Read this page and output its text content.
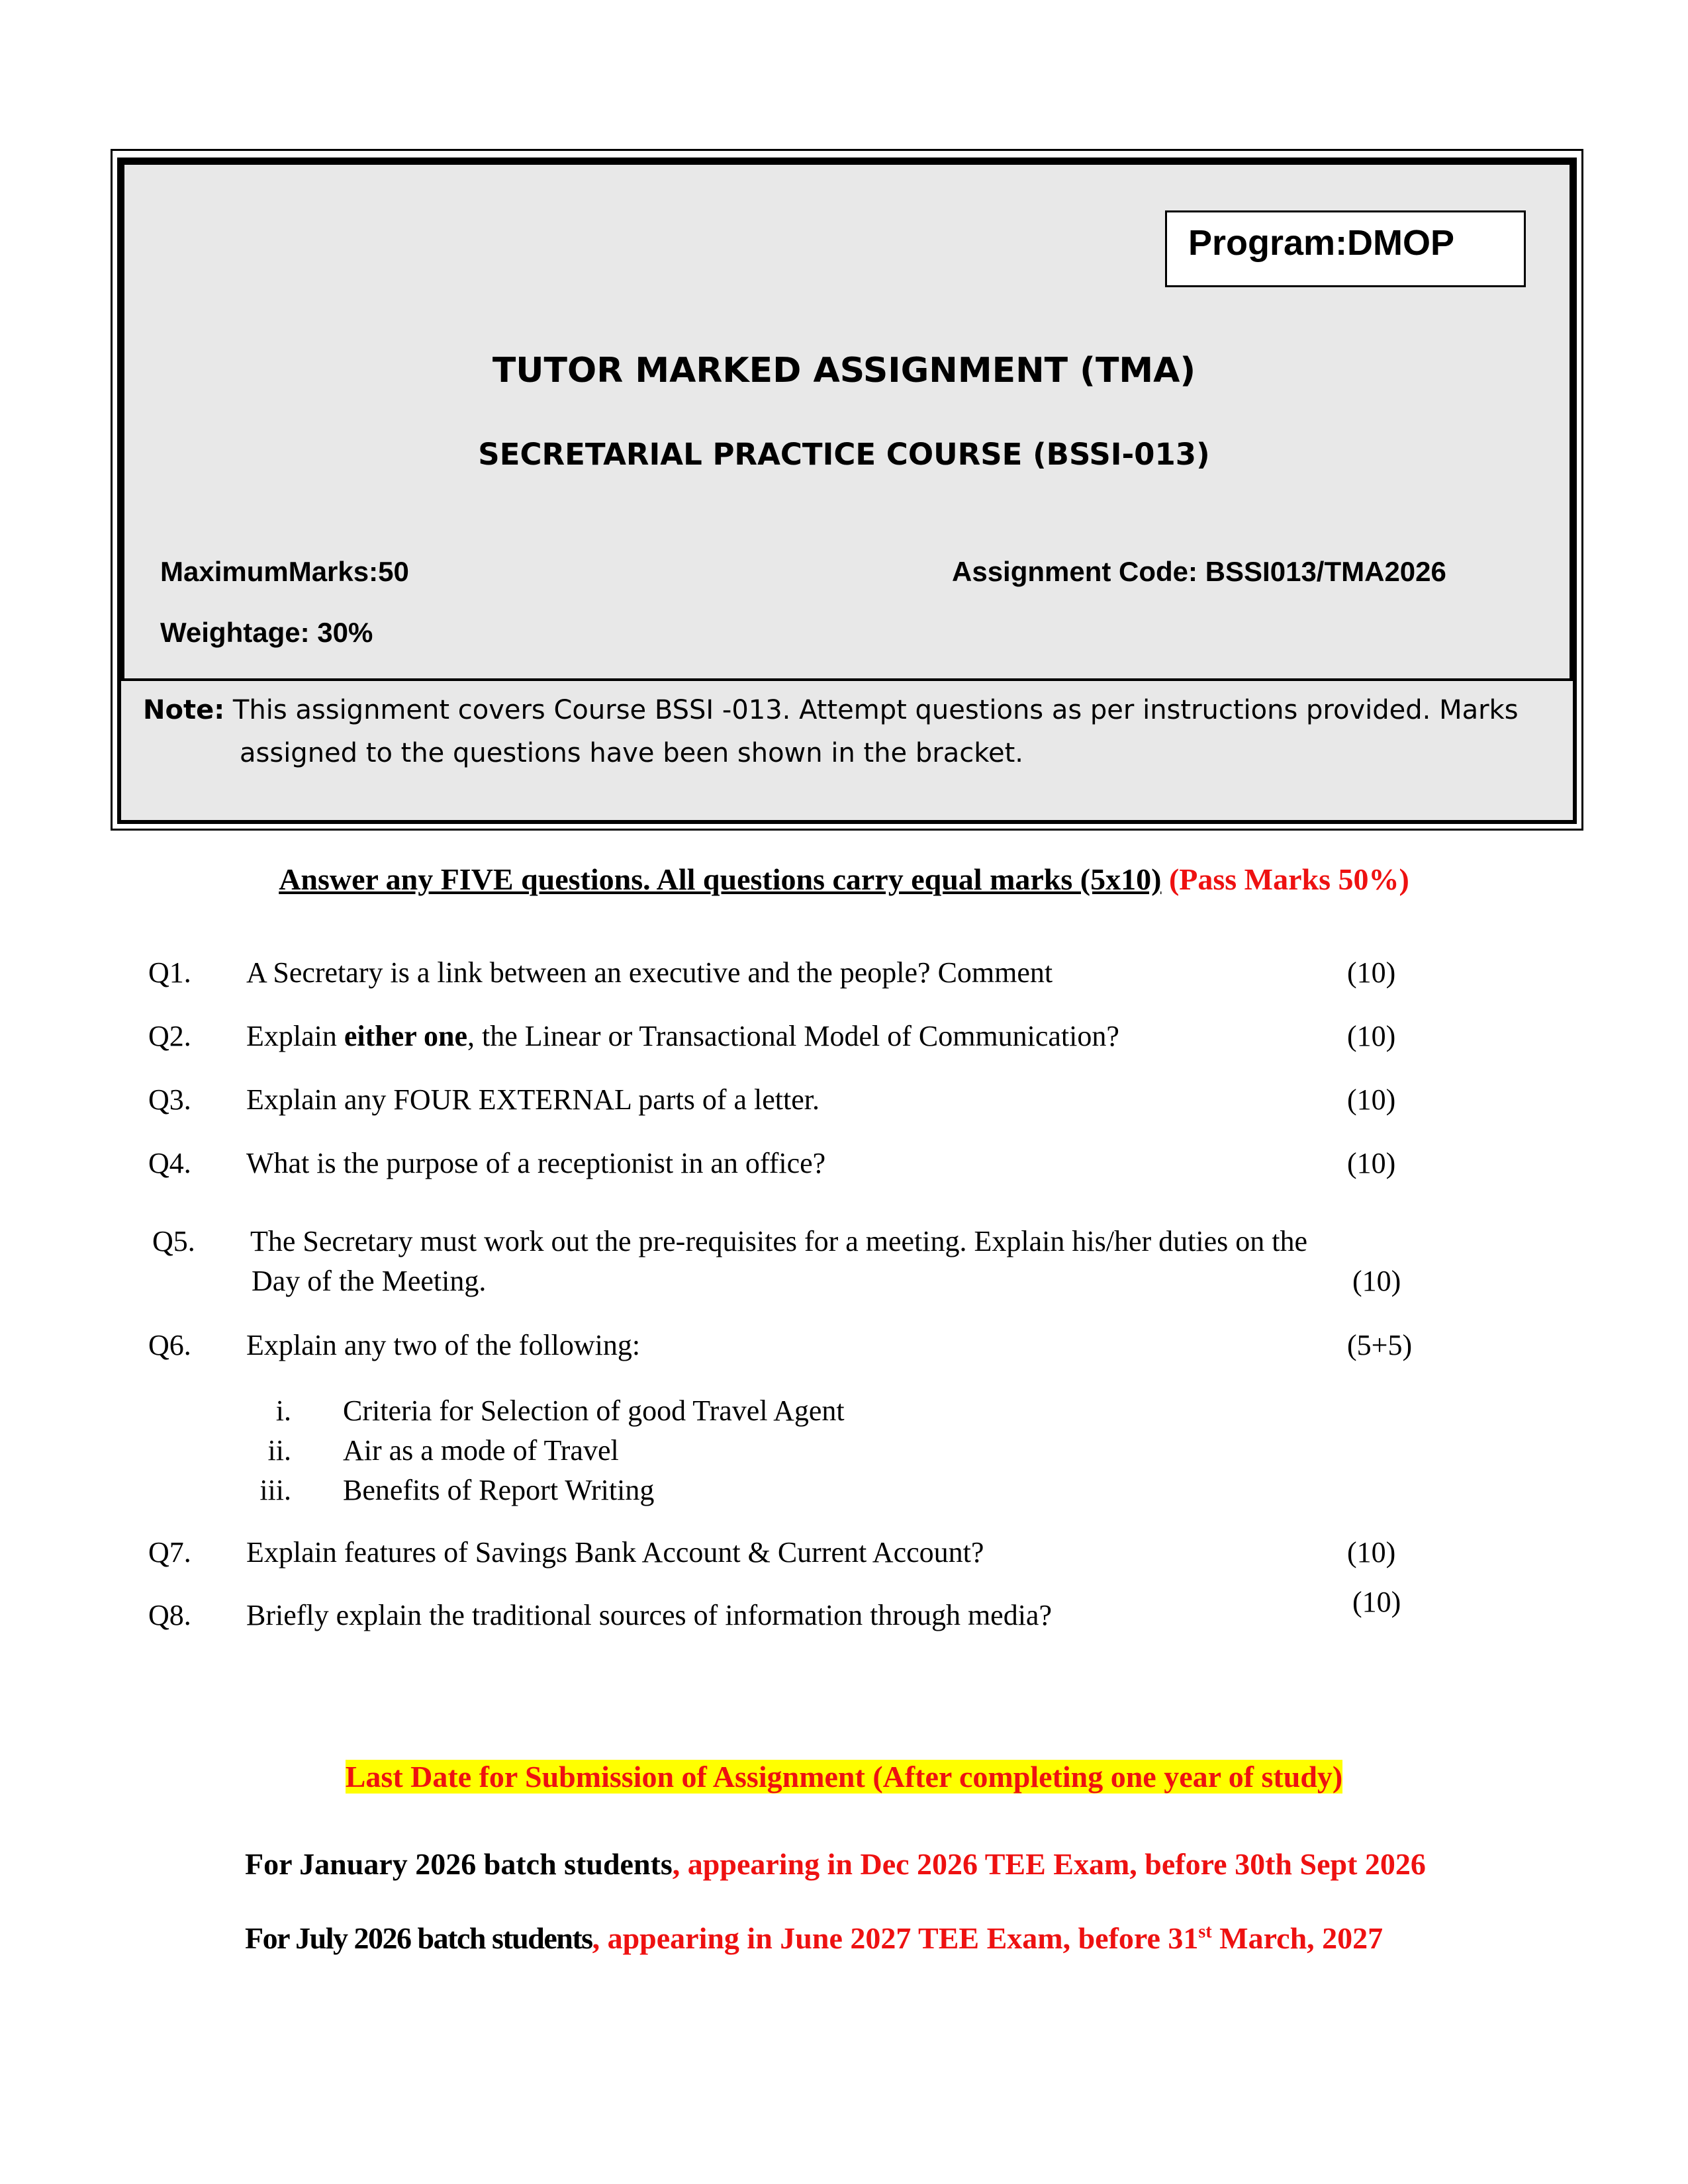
Program:DMOP
TUTOR MARKED ASSIGNMENT (TMA)
SECRETARIAL PRACTICE COURSE (BSSI-013)
MaximumMarks:50	Assignment Code: BSSI013/TMA2026
Weightage: 30%
Note: This assignment covers Course BSSI -013. Attempt questions as per instructions provided. Marks
assigned to the questions have been shown in the bracket.
Answer any FIVE questions. All questions carry equal marks (5x10) (Pass Marks 50%)
Q1. A Secretary is a link between an executive and the people? Comment	(10)
Q2. Explain either one, the Linear or Transactional Model of Communication?	(10)
Q3. Explain any FOUR EXTERNAL parts of a letter.	(10)
Q4. What is the purpose of a receptionist in an office?	(10)
Q5. The Secretary must work out the pre-requisites for a meeting. Explain his/her duties on the
Day of the Meeting.	(10)
Q6. Explain any two of the following:	(5+5)
i. Criteria for Selection of good Travel Agent
ii. Air as a mode of Travel
iii. Benefits of Report Writing
Q7. Explain features of Savings Bank Account & Current Account?	(10)
Q8. Briefly explain the traditional sources of information through media?	(10)
Last Date for Submission of Assignment (After completing one year of study)
For January 2026 batch students, appearing in Dec 2026 TEE Exam, before 30th Sept 2026
For July 2026 batch students, appearing in June 2027 TEE Exam, before 31st March, 2027
